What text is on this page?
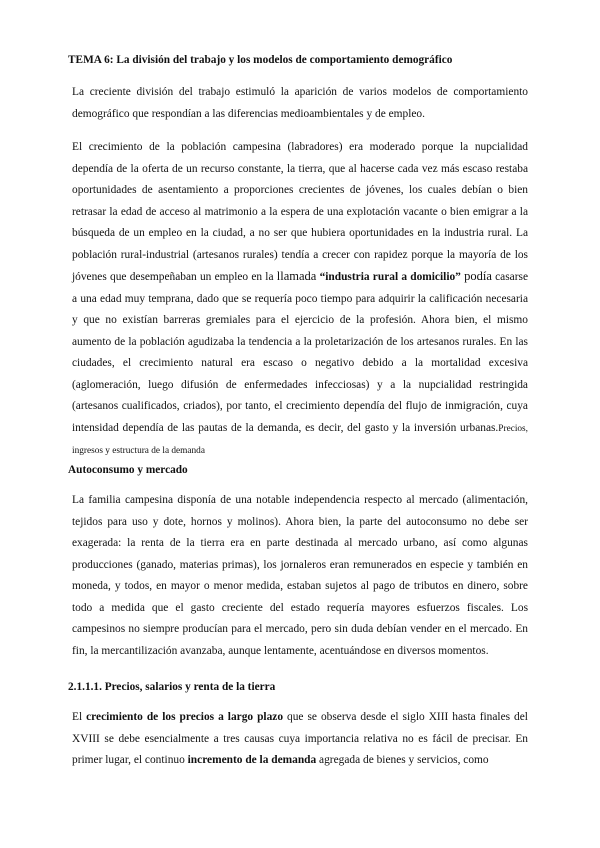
TEMA 6: La división del trabajo y los modelos de comportamiento demográfico

La creciente división del trabajo estimuló la aparición de varios modelos de comportamiento demográfico que respondían a las diferencias medioambientales y de empleo.

El crecimiento de la población campesina (labradores) era moderado porque la nupcialidad dependía de la oferta de un recurso constante, la tierra, que al hacerse cada vez más escaso restaba oportunidades de asentamiento a proporciones crecientes de jóvenes, los cuales debían o bien retrasar la edad de acceso al matrimonio a la espera de una explotación vacante o bien emigrar a la búsqueda de un empleo en la ciudad, a no ser que hubiera oportunidades en la industria rural. La población rural-industrial (artesanos rurales) tendía a crecer con rapidez porque la mayoría de los jóvenes que desempeñaban un empleo en la llamada “industria rural a domicilio” podía casarse a una edad muy temprana, dado que se requería poco tiempo para adquirir la calificación necesaria y que no existían barreras gremiales para el ejercicio de la profesión. Ahora bien, el mismo aumento de la población agudizaba la tendencia a la proletarización de los artesanos rurales. En las ciudades, el crecimiento natural era escaso o negativo debido a la mortalidad excesiva (aglomeración, luego difusión de enfermedades infecciosas) y a la nupcialidad restringida (artesanos cualificados, criados), por tanto, el crecimiento dependía del flujo de inmigración, cuya intensidad dependía de las pautas de la demanda, es decir, del gasto y la inversión urbanas.Precios, ingresos y estructura de la demanda

Autoconsumo y mercado

La familia campesina disponía de una notable independencia respecto al mercado (alimentación, tejidos para uso y dote, hornos y molinos). Ahora bien, la parte del autoconsumo no debe ser exagerada: la renta de la tierra era en parte destinada al mercado urbano, así como algunas producciones (ganado, materias primas), los jornaleros eran remunerados en especie y también en moneda, y todos, en mayor o menor medida, estaban sujetos al pago de tributos en dinero, sobre todo a medida que el gasto creciente del estado requería mayores esfuerzos fiscales. Los campesinos no siempre producían para el mercado, pero sin duda debían vender en el mercado. En fin, la mercantilización avanzaba, aunque lentamente, acentuándose en diversos momentos.

2.1.1.1. Precios, salarios y renta de la tierra

El crecimiento de los precios a largo plazo que se observa desde el siglo XIII hasta finales del XVIII se debe esencialmente a tres causas cuya importancia relativa no es fácil de precisar. En primer lugar, el continuo incremento de la demanda agregada de bienes y servicios, como
